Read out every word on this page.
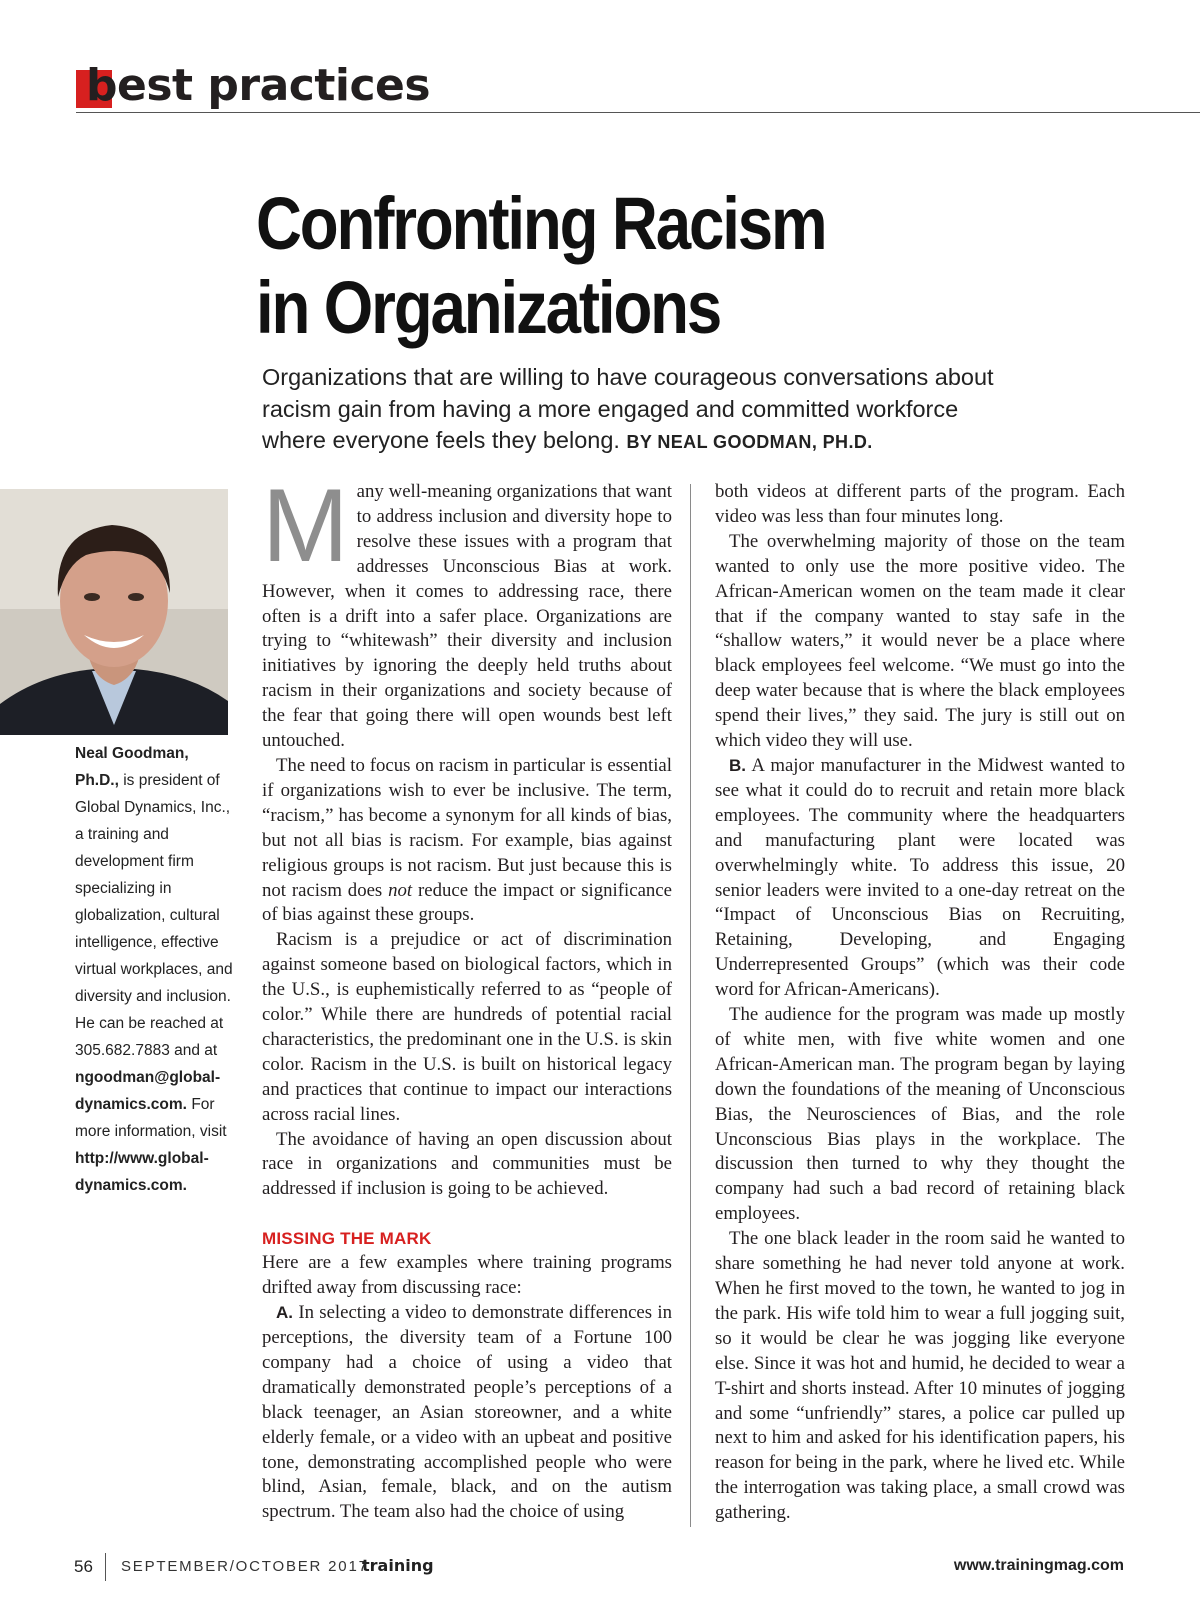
best practices
Confronting Racism
in Organizations
Organizations that are willing to have courageous conversations about racism gain from having a more engaged and committed workforce where everyone feels they belong. BY NEAL GOODMAN, PH.D.
Neal Goodman, Ph.D., is president of Global Dynamics, Inc., a training and development firm specializing in globalization, cultural intelligence, effective virtual workplaces, and diversity and inclusion. He can be reached at 305.682.7883 and at ngoodman@global-dynamics.com. For more information, visit http://www.global-dynamics.com.

Many well-meaning organizations that want to address inclusion and diversity hope to resolve these issues with a program that addresses Unconscious Bias at work. However, when it comes to addressing race, there often is a drift into a safer place. Organizations are trying to “whitewash” their diversity and inclusion initiatives by ignoring the deeply held truths about racism in their organizations and society because of the fear that going there will open wounds best left untouched.

The need to focus on racism in particular is essential if organizations wish to ever be inclusive. The term, “racism,” has become a synonym for all kinds of bias, but not all bias is racism. For example, bias against religious groups is not racism. But just because this is not racism does not reduce the impact or significance of bias against these groups.

Racism is a prejudice or act of discrimination against someone based on biological factors, which in the U.S., is euphemistically referred to as “people of color.” While there are hundreds of potential racial characteristics, the predominant one in the U.S. is skin color. Racism in the U.S. is built on historical legacy and practices that continue to impact our interactions across racial lines.

The avoidance of having an open discussion about race in organizations and communities must be addressed if inclusion is going to be achieved.

MISSING THE MARK

Here are a few examples where training programs drifted away from discussing race:

A. In selecting a video to demonstrate differences in perceptions, the diversity team of a Fortune 100 company had a choice of using a video that dramatically demonstrated people’s perceptions of a black teenager, an Asian storeowner, and a white elderly female, or a video with an upbeat and positive tone, demonstrating accomplished people who were blind, Asian, female, black, and on the autism spectrum. The team also had the choice of using

both videos at different parts of the program. Each video was less than four minutes long.

The overwhelming majority of those on the team wanted to only use the more positive video. The African-American women on the team made it clear that if the company wanted to stay safe in the “shallow waters,” it would never be a place where black employees feel welcome. “We must go into the deep water because that is where the black employees spend their lives,” they said. The jury is still out on which video they will use.

B. A major manufacturer in the Midwest wanted to see what it could do to recruit and retain more black employees. The community where the headquarters and manufacturing plant were located was overwhelmingly white. To address this issue, 20 senior leaders were invited to a one-day retreat on the “Impact of Unconscious Bias on Recruiting, Retaining, Developing, and Engaging Underrepresented Groups” (which was their code word for African-Americans).

The audience for the program was made up mostly of white men, with five white women and one African-American man. The program began by laying down the foundations of the meaning of Unconscious Bias, the Neurosciences of Bias, and the role Unconscious Bias plays in the workplace. The discussion then turned to why they thought the company had such a bad record of retaining black employees.

The one black leader in the room said he wanted to share something he had never told anyone at work. When he first moved to the town, he wanted to jog in the park. His wife told him to wear a full jogging suit, so it would be clear he was jogging like everyone else. Since it was hot and humid, he decided to wear a T-shirt and shorts instead. After 10 minutes of jogging and some “unfriendly” stares, a police car pulled up next to him and asked for his identification papers, his reason for being in the park, where he lived etc. While the interrogation was taking place, a small crowd was gathering.

56 SEPTEMBER/OCTOBER 2017
training	www.trainingmag.com
